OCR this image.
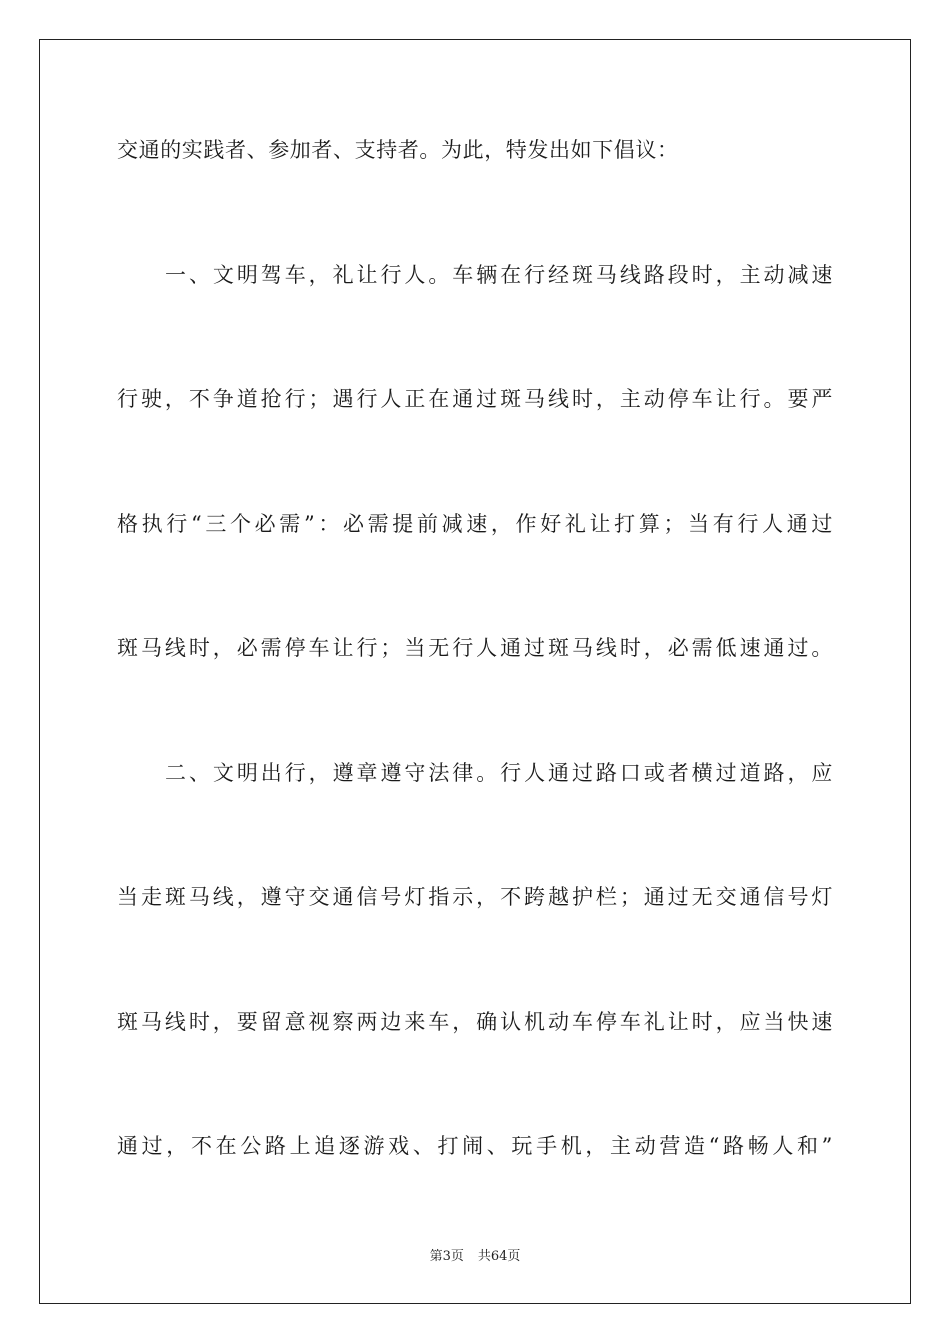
交通的实践者、参加者、支持者。为此，特发出如下倡议：
一、文明驾车，礼让行人。车辆在行经斑马线路段时，主动减速
行驶，不争道抢行；遇行人正在通过斑马线时，主动停车让行。要严
格执行“三个必需”：必需提前减速，作好礼让打算；当有行人通过
斑马线时，必需停车让行；当无行人通过斑马线时，必需低速通过。
二、文明出行，遵章遵守法律。行人通过路口或者横过道路，应
当走斑马线，遵守交通信号灯指示，不跨越护栏；通过无交通信号灯
斑马线时，要留意视察两边来车，确认机动车停车礼让时，应当快速
通过，不在公路上追逐游戏、打闹、玩手机，主动营造“路畅人和”
第3页 共64页
